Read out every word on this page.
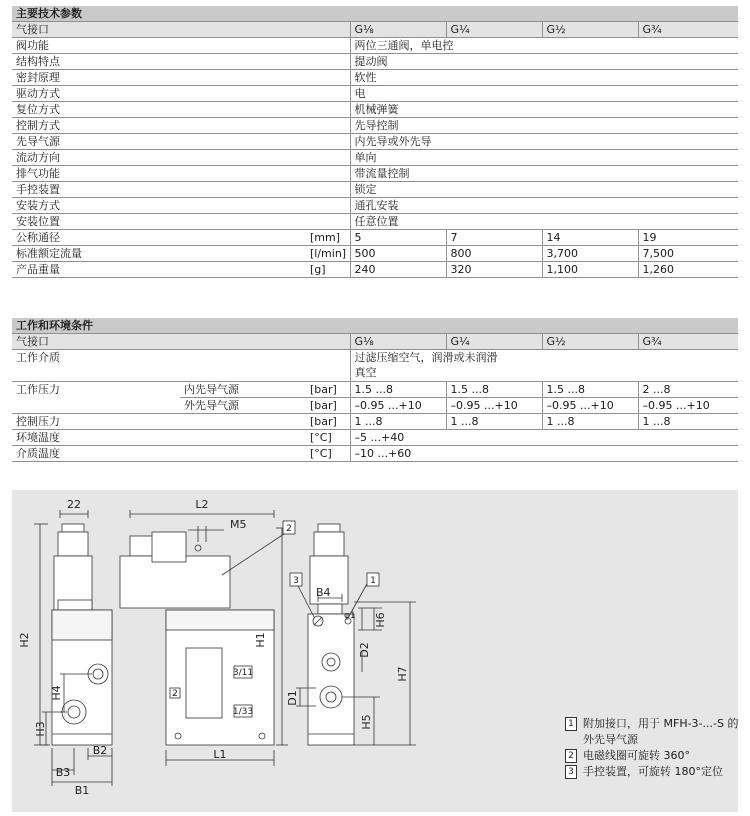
主要技术参数					
气接口		G⅛	G¼	G½	G¾
阀功能		两位三通阀，单电控			
结构特点		提动阀			
密封原理		软性			
驱动方式		电			
复位方式		机械弹簧			
控制方式		先导控制			
先导气源		内先导或外先导			
流动方向		单向			
排气功能		带流量控制			
手控装置		锁定			
安装方式		通孔安装			
安装位置		任意位置			
公称通径	[mm]	5	7	14	19
标准额定流量	[l/min]	500	800	3,700	7,500
产品重量	[g]	240	320	1,100	1,260
工作和环境条件						
气接口			G⅛	G¼	G½	G¾
工作介质			过滤压缩空气，润滑或未润滑
真空			

工作压力	内先导气源	[bar]	1.5 ...8	1.5 ...8	1.5 ...8	2 ...8
	外先导气源	[bar]	–0.95 ...+10	–0.95 ...+10	–0.95 ...+10	–0.95 ...+10
控制压力		[bar]	1 ...8	1 ...8	1 ...8	1 ...8
环境温度		[°C]	–5 ...+40			
介质温度		[°C]	–10 ...+60			
2
3	1
22	L2
M5
H2	H1
H4
H3
B2
B3
B1
L1
B4
D2
D1
H6
H7
H5
φ1
3/11
2
1/33
1 附加接口，用于 MFH-3-...-S 的外先导气源
2 电磁线圈可旋转 360°
3 手控装置，可旋转 180°定位
